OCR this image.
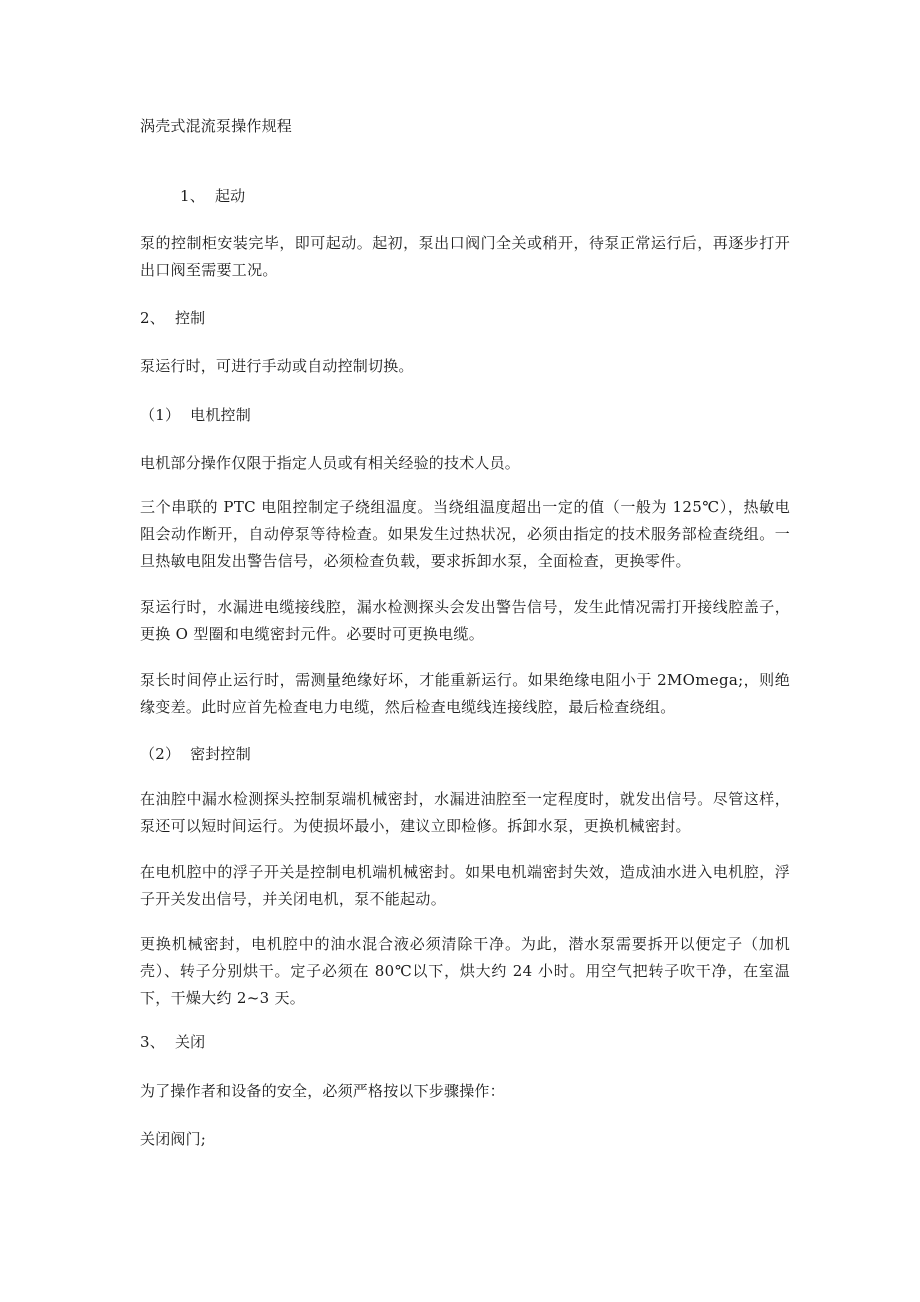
涡壳式混流泵操作规程
1、 起动
泵的控制柜安装完毕，即可起动。起初，泵出口阀门全关或稍开，待泵正常运行后，再逐步打开出口阀至需要工况。
2、 控制
泵运行时，可进行手动或自动控制切换。
（1） 电机控制
电机部分操作仅限于指定人员或有相关经验的技术人员。
三个串联的 PTC 电阻控制定子绕组温度。当绕组温度超出一定的值（一般为 125℃），热敏电阻会动作断开，自动停泵等待检查。如果发生过热状况，必须由指定的技术服务部检查绕组。一旦热敏电阻发出警告信号，必须检查负载，要求拆卸水泵，全面检查，更换零件。
泵运行时，水漏进电缆接线腔，漏水检测探头会发出警告信号，发生此情况需打开接线腔盖子，更换 O 型圈和电缆密封元件。必要时可更换电缆。
泵长时间停止运行时，需测量绝缘好坏，才能重新运行。如果绝缘电阻小于 2MOmega;，则绝缘变差。此时应首先检查电力电缆，然后检查电缆线连接线腔，最后检查绕组。
（2） 密封控制
在油腔中漏水检测探头控制泵端机械密封，水漏进油腔至一定程度时，就发出信号。尽管这样，泵还可以短时间运行。为使损坏最小，建议立即检修。拆卸水泵，更换机械密封。
在电机腔中的浮子开关是控制电机端机械密封。如果电机端密封失效，造成油水进入电机腔，浮子开关发出信号，并关闭电机，泵不能起动。
更换机械密封，电机腔中的油水混合液必须清除干净。为此，潜水泵需要拆开以便定子（加机壳）、转子分别烘干。定子必须在 80℃以下，烘大约 24 小时。用空气把转子吹干净，在室温下，干燥大约 2~3 天。
3、 关闭
为了操作者和设备的安全，必须严格按以下步骤操作：
关闭阀门;
